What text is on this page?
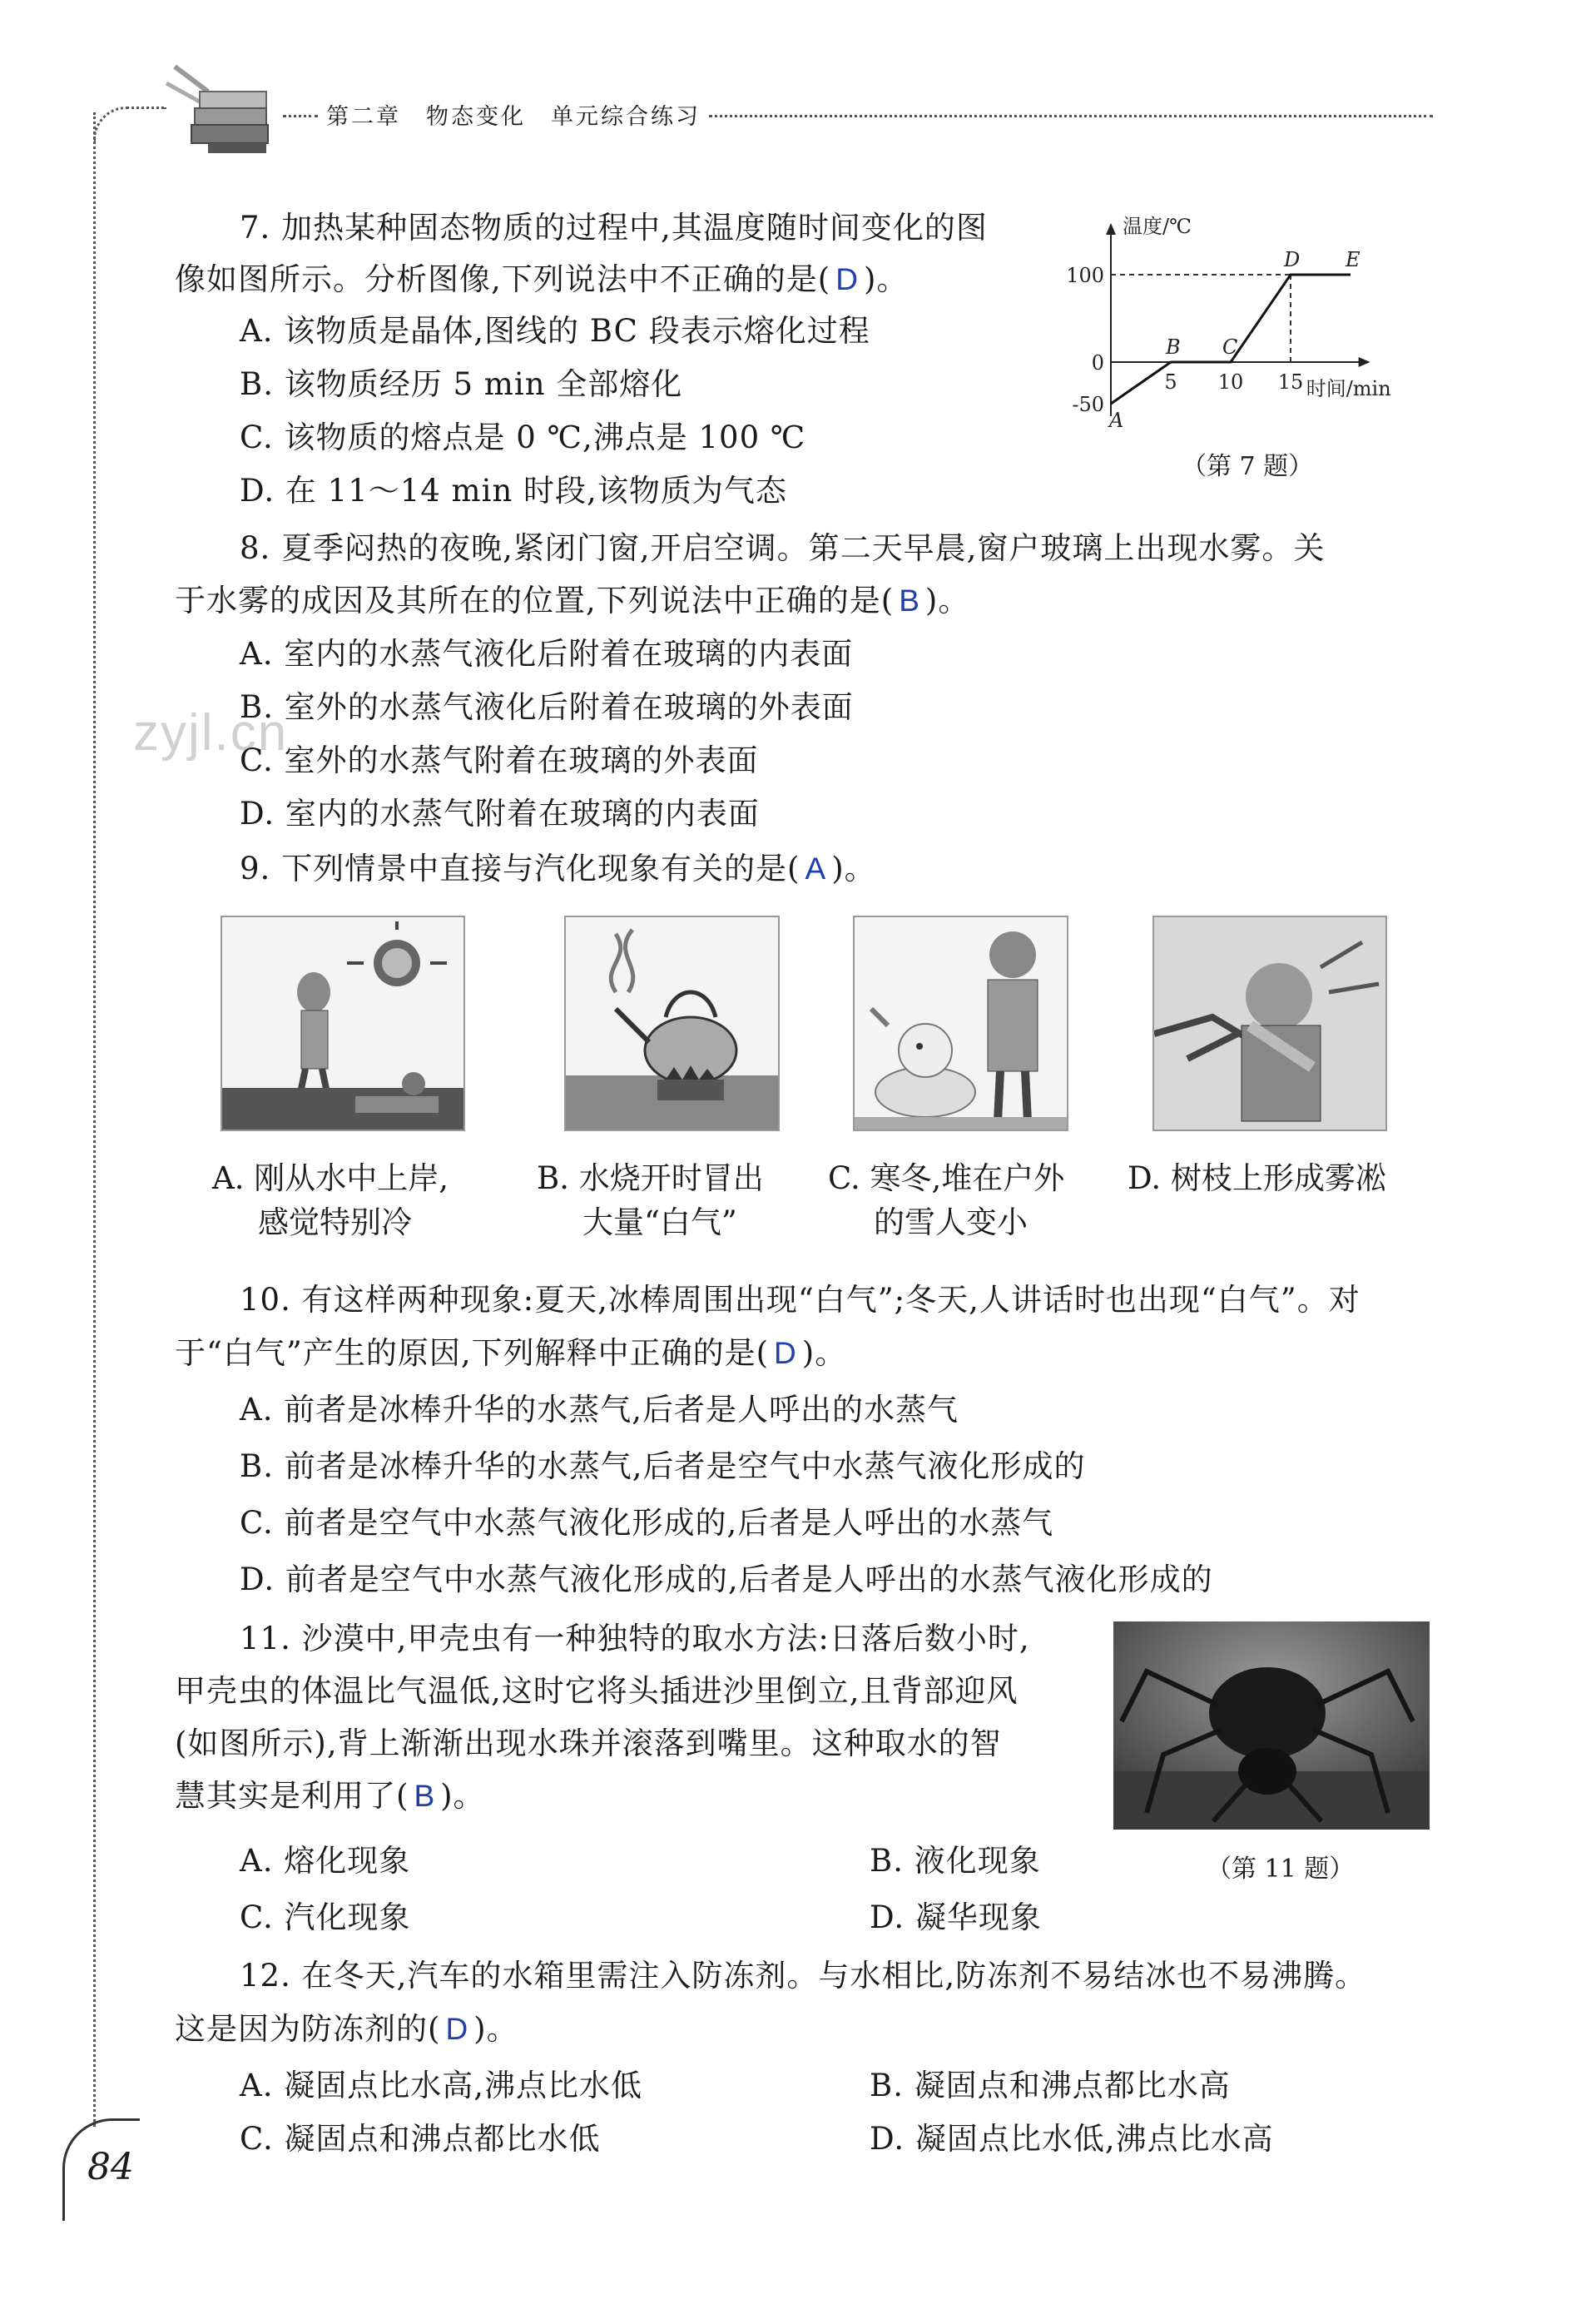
第二章　物态变化　单元综合练习
zyjl.cn
7. 加热某种固态物质的过程中,其温度随时间变化的图
像如图所示。分析图像,下列说法中不正确的是( D )。
A. 该物质是晶体,图线的 BC 段表示熔化过程
B. 该物质经历 5 min 全部熔化
C. 该物质的熔点是 0 ℃,沸点是 100 ℃
D. 在 11～14 min 时段,该物质为气态
温度/℃
时间/min
100
0
-50
5 10 15
A
B C
D E
（第 7 题）
8. 夏季闷热的夜晚,紧闭门窗,开启空调。第二天早晨,窗户玻璃上出现水雾。关
于水雾的成因及其所在的位置,下列说法中正确的是( B )。
A. 室内的水蒸气液化后附着在玻璃的内表面
B. 室外的水蒸气液化后附着在玻璃的外表面
C. 室外的水蒸气附着在玻璃的外表面
D. 室内的水蒸气附着在玻璃的内表面
9. 下列情景中直接与汽化现象有关的是( A )。
A. 刚从水中上岸,
感觉特别冷
B. 水烧开时冒出
大量“白气”
C. 寒冬,堆在户外
的雪人变小
D. 树枝上形成雾凇
10. 有这样两种现象:夏天,冰棒周围出现“白气”;冬天,人讲话时也出现“白气”。对
于“白气”产生的原因,下列解释中正确的是( D )。
A. 前者是冰棒升华的水蒸气,后者是人呼出的水蒸气
B. 前者是冰棒升华的水蒸气,后者是空气中水蒸气液化形成的
C. 前者是空气中水蒸气液化形成的,后者是人呼出的水蒸气
D. 前者是空气中水蒸气液化形成的,后者是人呼出的水蒸气液化形成的
11. 沙漠中,甲壳虫有一种独特的取水方法:日落后数小时,
甲壳虫的体温比气温低,这时它将头插进沙里倒立,且背部迎风
(如图所示),背上渐渐出现水珠并滚落到嘴里。这种取水的智
慧其实是利用了( B )。
A. 熔化现象	B. 液化现象
C. 汽化现象	D. 凝华现象
（第 11 题）
12. 在冬天,汽车的水箱里需注入防冻剂。与水相比,防冻剂不易结冰也不易沸腾。
这是因为防冻剂的( D )。
A. 凝固点比水高,沸点比水低	B. 凝固点和沸点都比水高
C. 凝固点和沸点都比水低	D. 凝固点比水低,沸点比水高
84
